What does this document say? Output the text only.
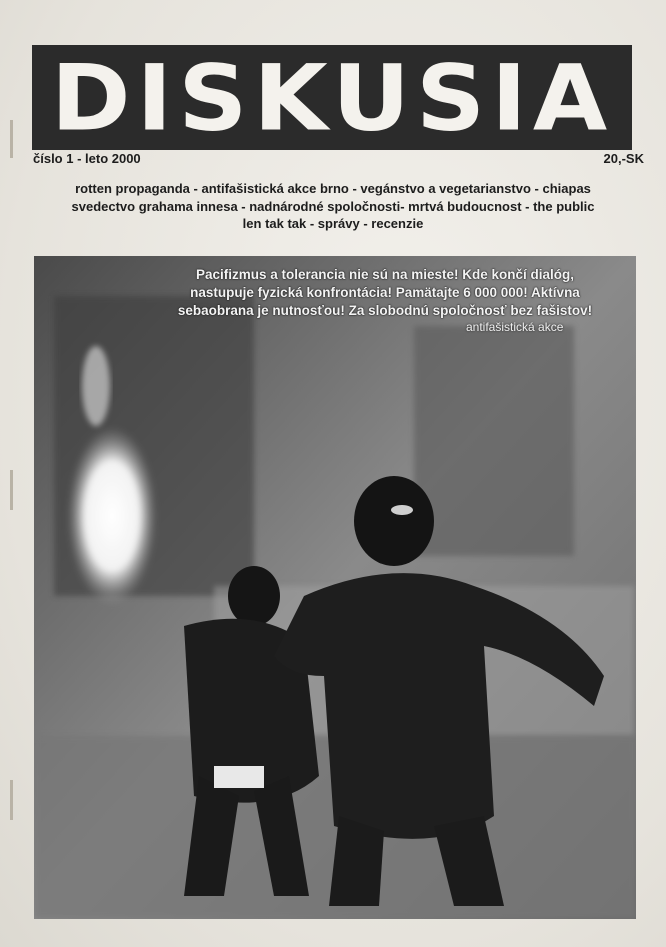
DISKUSIA
číslo 1 - leto 2000	20,-SK
rotten propaganda - antifašistická akce brno - vegánstvo a vegetarianstvo - chiapas
svedectvo grahama innesa - nadnárodné spoločnosti- mrtvá budoucnost - the public
len tak tak - správy - recenzie
Pacifizmus a tolerancia nie sú na mieste! Kde končí dialóg,
nastupuje fyzická konfrontácia! Pamätajte 6 000 000! Aktívna
sebaobrana je nutnosťou! Za slobodnú spoločnosť bez fašistov!
antifašistická akce
